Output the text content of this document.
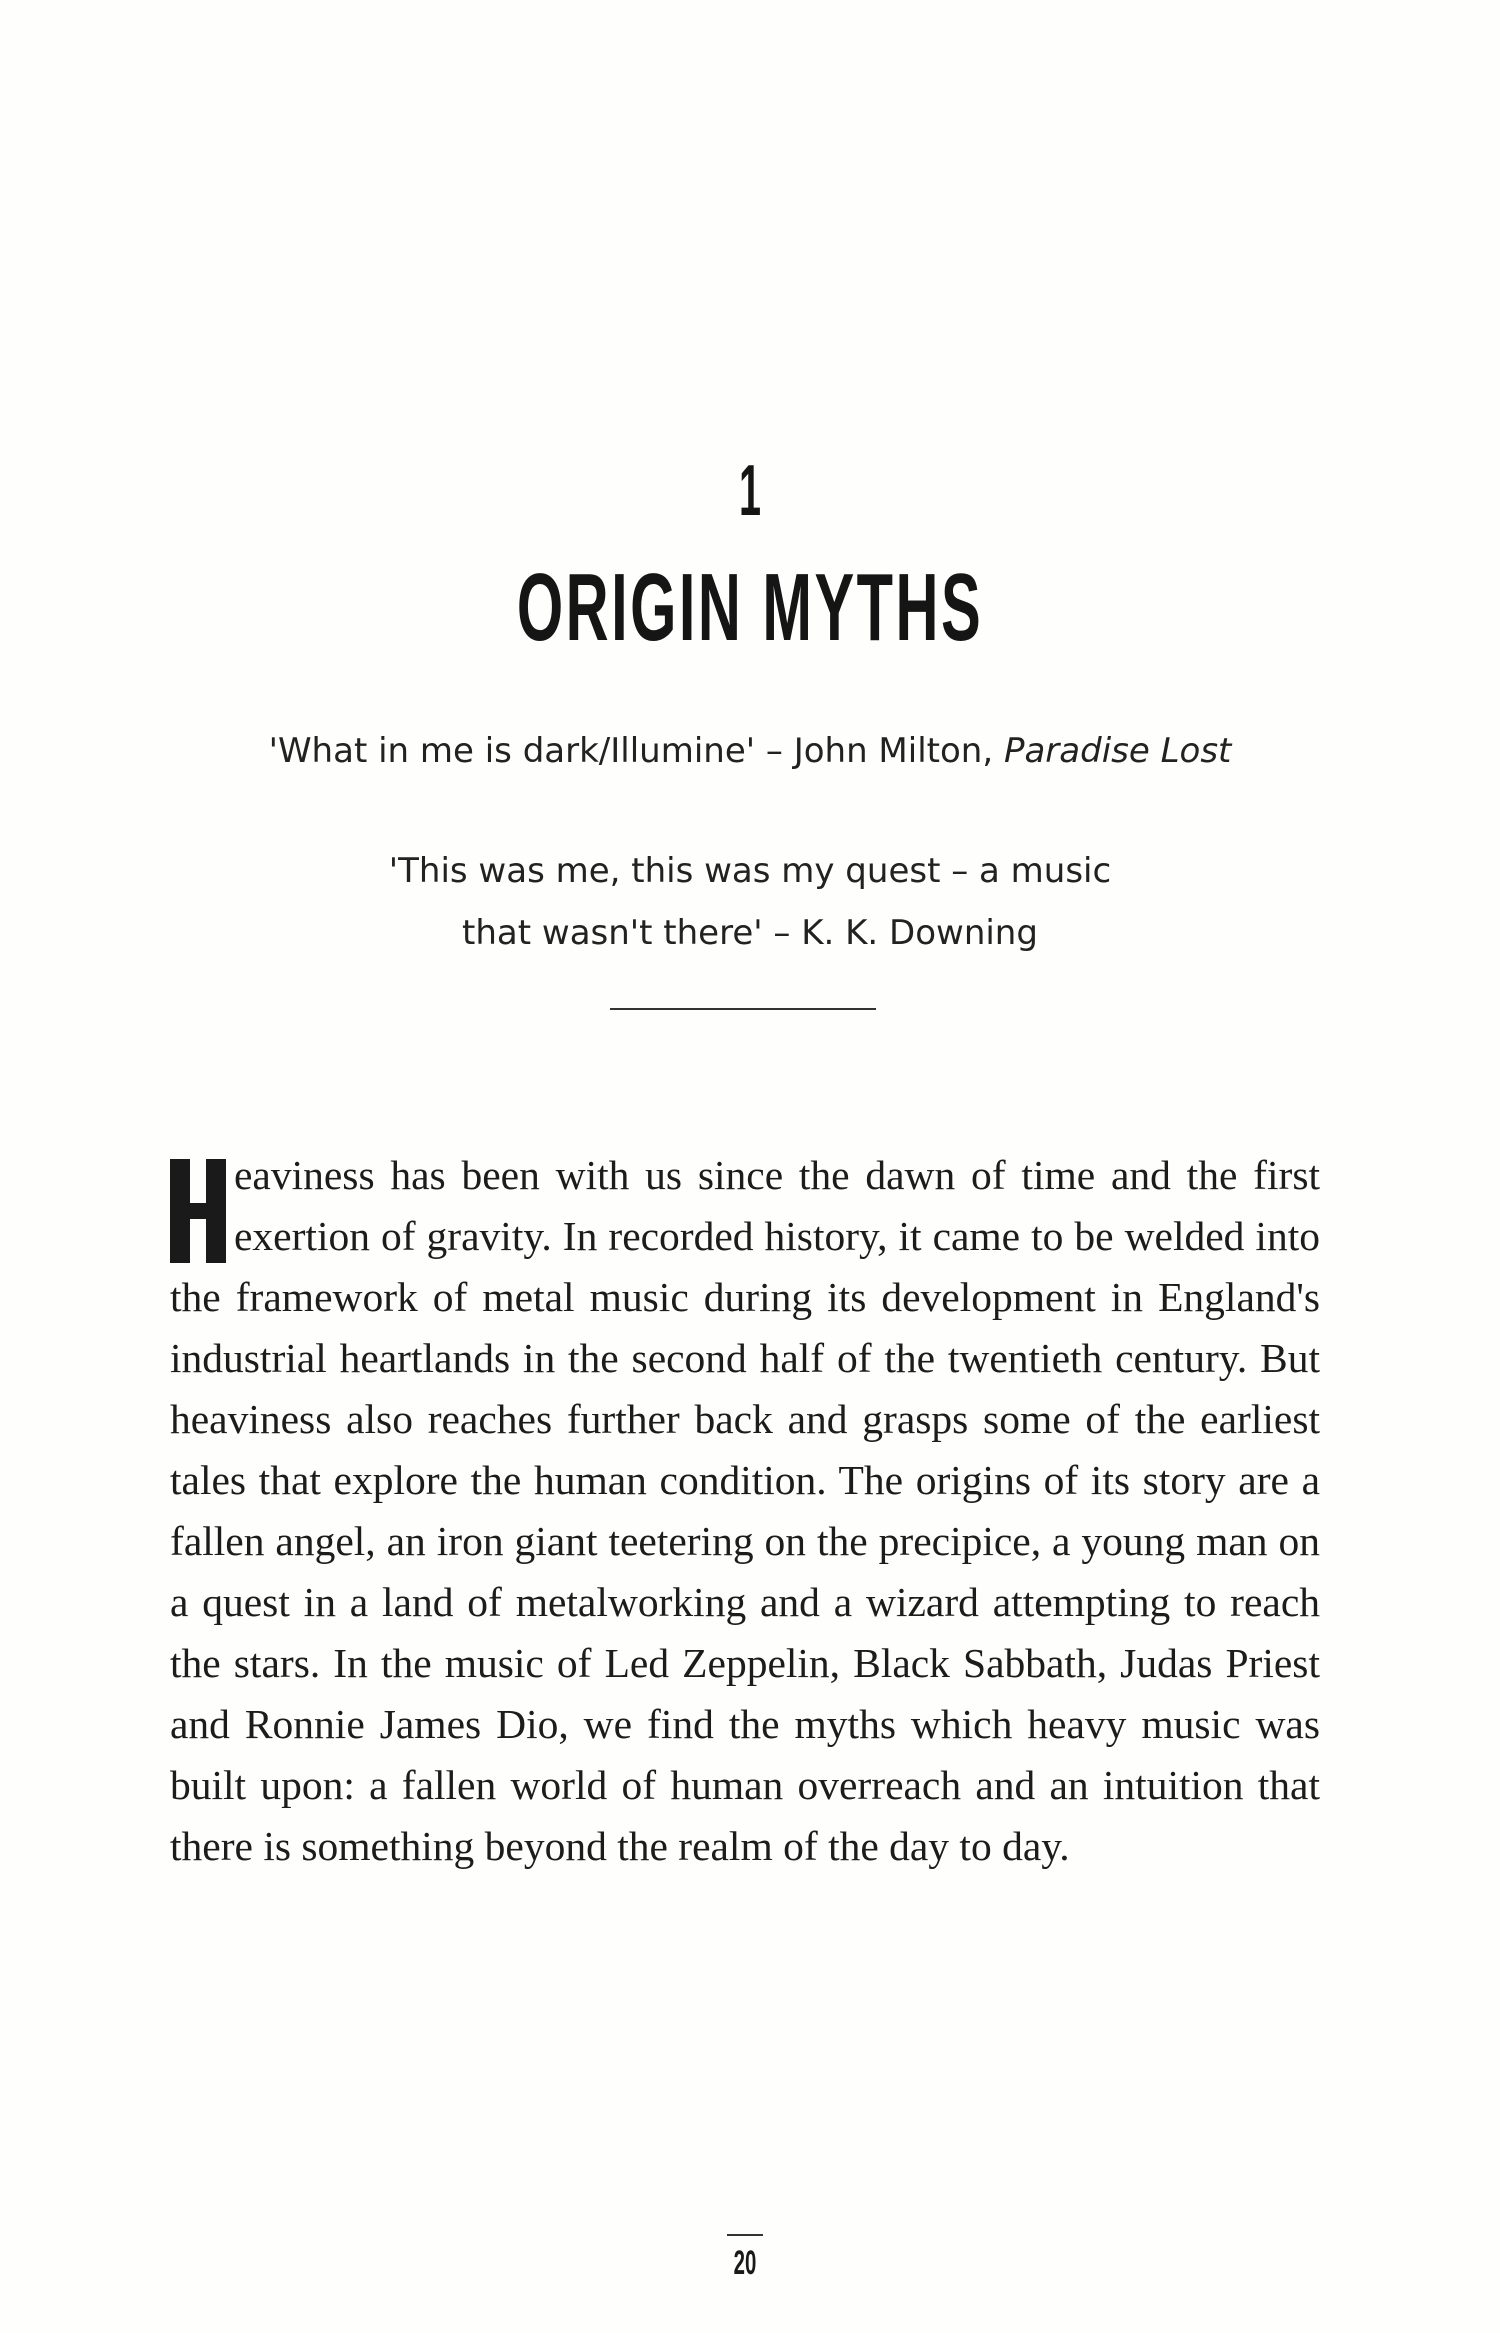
1
ORIGIN MYTHS
'What in me is dark/Illumine' – John Milton, Paradise Lost
'This was me, this was my quest – a music
that wasn't there' – K. K. Downing
eaviness has been with us since the dawn of time and the first exertion of gravity. In recorded history, it came to be welded into the framework of metal music during its development in England's industrial heartlands in the second half of the twentieth century. But heaviness also reaches further back and grasps some of the earliest tales that explore the human condition. The origins of its story are a fallen angel, an iron giant teetering on the precipice, a young man on a quest in a land of metalworking and a wizard attempting to reach the stars. In the music of Led Zeppelin, Black Sabbath, Judas Priest and Ronnie James Dio, we find the myths which heavy music was built upon: a fallen world of human overreach and an intuition that there is something beyond the realm of the day to day.
20
